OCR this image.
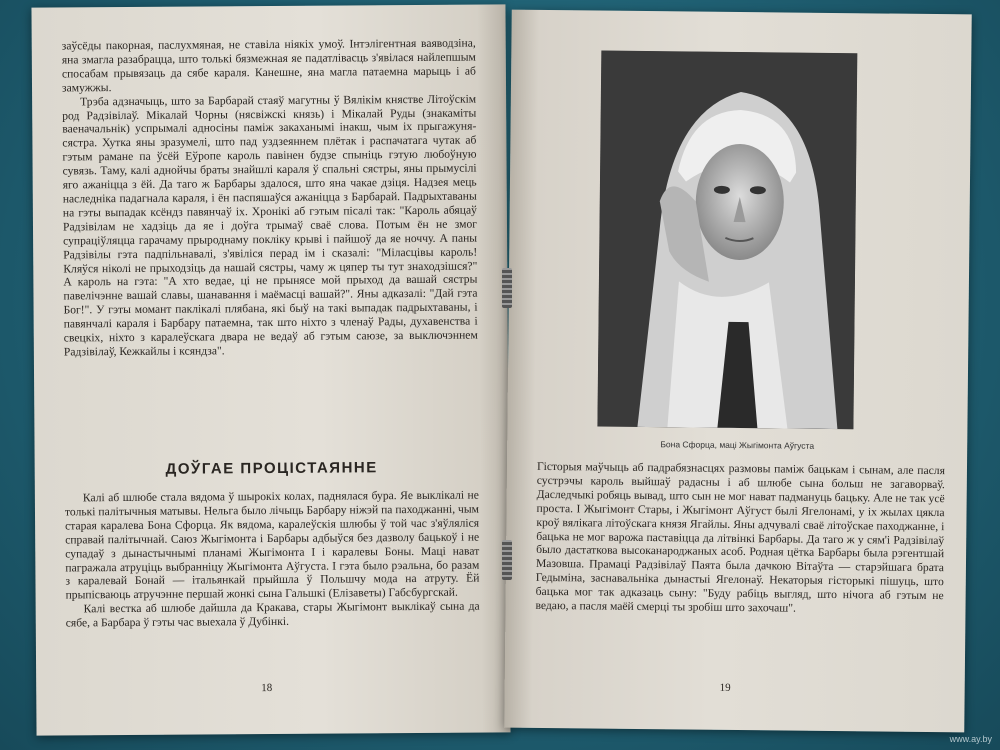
заўсёды пакорная, паслухмяная, не ставіла ніякіх умоў. Інтэлігентная ваяводзіна, яна змагла разабрацца, што толькі бязмежная яе падатлівасць з'явілася найлепшым спосабам прывязаць да сябе караля. Канешне, яна магла патаемна марыць і аб замужжы.

Трэба адзначыць, што за Барбарай стаяў магутны ў Вялікім княстве Літоўскім род Радзівілаў. Мікалай Чорны (нясвіжскі князь) і Мікалай Руды (знакаміты ваеначальнік) успрымалі адносіны паміж закаханымі інакш, чым іх прыгажуня-сястра. Хутка яны зразумелі, што пад уздзеяннем плётак і распачатага чутак аб гэтым рамане па ўсёй Еўропе кароль павінен будзе спыніць гэтую любоўную сувязь. Таму, калі аднойчы браты знайшлі караля ў спальні сястры, яны прымусілі яго ажаніцца з ёй. Да таго ж Барбары здалося, што яна чакае дзіця. Надзея мець наследніка падагнала караля, і ён паспяшаўся ажаніцца з Барбарай. Падрыхтаваны на гэты выпадак ксёндз павянчаў іх. Хронікі аб гэтым пісалі так: "Кароль абяцаў Радзівілам не хадзіць да яе і доўга трымаў сваё слова. Потым ён не змог супраціўляцца гарачаму прыроднаму покліку крыві і пайшоў да яе ноччу. А паны Радзівілы гэта падпільнавалі, з'явіліся перад ім і сказалі: "Міласцівы кароль! Кляўся ніколі не прыходзіць да нашай сястры, чаму ж цяпер ты тут знаходзішся?" А кароль на гэта: "А хто ведае, ці не прынясе мой прыход да вашай сястры павелічэнне вашай славы, шанавання і маёмасці вашай?". Яны адказалі: "Дай гэта Бог!". У гэты момант паклікалі плябана, які быў на такі выпадак падрыхтаваны, і павянчалі караля і Барбару патаемна, так што ніхто з членаў Рады, духавенства і свецкіх, ніхто з каралеўскага двара не ведаў аб гэтым саюзе, за выключэннем Радзівілаў, Кежкайлы і ксяндза".

ДОЎГАЕ ПРОЦІСТАЯННЕ

Калі аб шлюбе стала вядома ў шырокіх колах, паднялася бура. Яе выклікалі не толькі палітычныя матывы. Нельга было лічыць Барбару ніжэй па паходжанні, чым старая каралева Бона Сфорца. Як вядома, каралеўскія шлюбы ў той час з'яўляліся справай палітычнай. Саюз Жыгімонта і Барбары адбыўся без дазволу бацькоў і не супадаў з дынастычнымі планамі Жыгімонта I і каралевы Боны. Маці нават пагражала атруціць выбранніцу Жыгімонта Аўгуста. І гэта было рэальна, бо разам з каралевай Бонай — італьянкай прыйшла ў Польшчу мода на атруту. Ёй прыпісваюць атручэнне першай жонкі сына Гальшкі (Елізаветы) Габсбургскай.

Калі вестка аб шлюбе дайшла да Кракава, стары Жыгімонт выклікаў сына да сябе, а Барбара ў гэты час выехала ў Дубінкі.

18
Бона Сфорца, маці Жыгімонта Аўгуста

Гісторыя маўчыць аб падрабязнасцях размовы паміж бацькам і сынам, але пасля сустрэчы кароль выйшаў радасны і аб шлюбе сына больш не загаворваў. Даследчыкі робяць вывад, што сын не мог нават падмануць бацьку. Але не так усё проста. І Жыгімонт Стары, і Жыгімонт Аўгуст былі Ягелонамі, у іх жылах цякла кроў вялікага літоўскага князя Ягайлы. Яны адчувалі сваё літоўскае паходжанне, і бацька не мог варожа паставіцца да літвінкі Барбары. Да таго ж у сям'і Радзівілаў было дастаткова высоканароджаных асоб. Родная цётка Барбары была рэгентшай Мазовша. Прамаці Радзівілаў Паята была дачкою Вітаўта — старэйшага брата Гедыміна, заснавальніка дынастыі Ягелонаў. Некаторыя гісторыкі пішуць, што бацька мог так адказаць сыну: "Буду рабіць выгляд, што нічога аб гэтым не ведаю, а пасля маёй смерці ты зробіш што захочаш".

19
www.ay.by
